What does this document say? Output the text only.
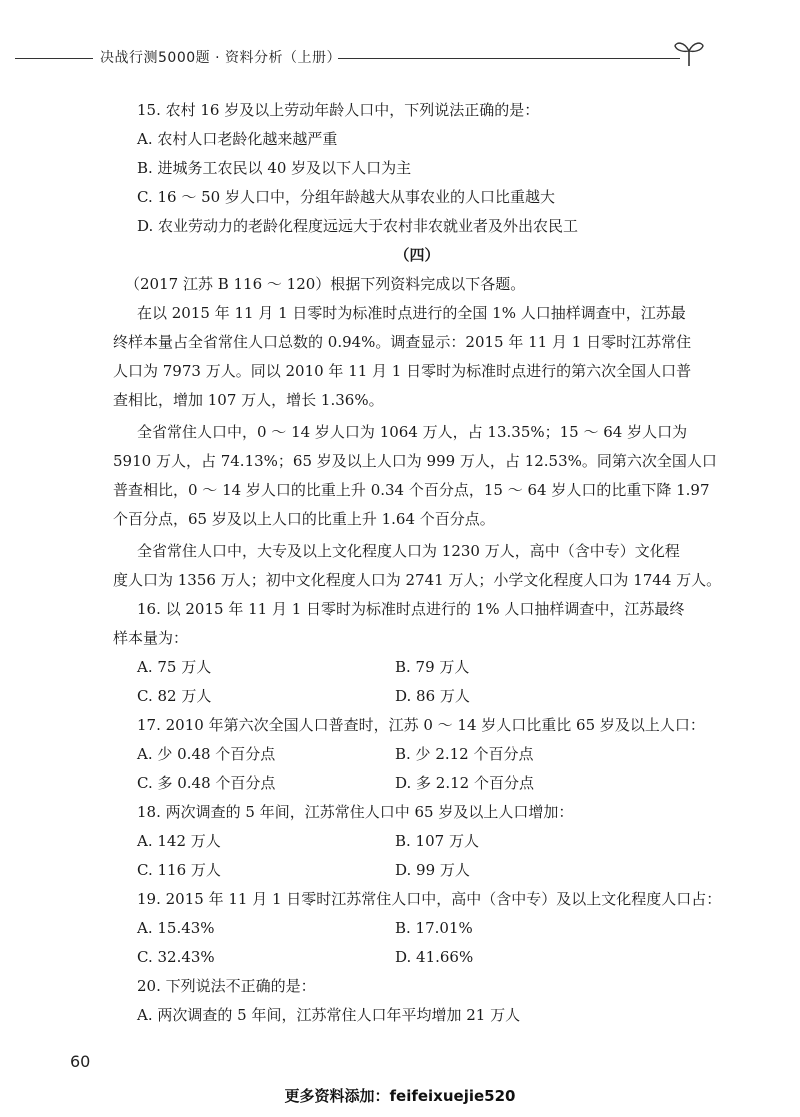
决战行测5000题 · 资料分析（上册）
15. 农村 16 岁及以上劳动年龄人口中，下列说法正确的是：
A. 农村人口老龄化越来越严重
B. 进城务工农民以 40 岁及以下人口为主
C. 16 ～ 50 岁人口中，分组年龄越大从事农业的人口比重越大
D. 农业劳动力的老龄化程度远远大于农村非农就业者及外出农民工
（四）
（2017 江苏 B 116 ～ 120）根据下列资料完成以下各题。
在以 2015 年 11 月 1 日零时为标准时点进行的全国 1% 人口抽样调查中，江苏最
终样本量占全省常住人口总数的 0.94%。调查显示：2015 年 11 月 1 日零时江苏常住
人口为 7973 万人。同以 2010 年 11 月 1 日零时为标准时点进行的第六次全国人口普
查相比，增加 107 万人，增长 1.36%。
全省常住人口中，0 ～ 14 岁人口为 1064 万人，占 13.35%；15 ～ 64 岁人口为
5910 万人，占 74.13%；65 岁及以上人口为 999 万人，占 12.53%。同第六次全国人口
普查相比，0 ～ 14 岁人口的比重上升 0.34 个百分点，15 ～ 64 岁人口的比重下降 1.97
个百分点，65 岁及以上人口的比重上升 1.64 个百分点。
全省常住人口中，大专及以上文化程度人口为 1230 万人，高中（含中专）文化程
度人口为 1356 万人；初中文化程度人口为 2741 万人；小学文化程度人口为 1744 万人。
16. 以 2015 年 11 月 1 日零时为标准时点进行的 1% 人口抽样调查中，江苏最终
样本量为：
A. 75 万人	B. 79 万人
C. 82 万人	D. 86 万人
17. 2010 年第六次全国人口普查时，江苏 0 ～ 14 岁人口比重比 65 岁及以上人口：
A. 少 0.48 个百分点	B. 少 2.12 个百分点
C. 多 0.48 个百分点	D. 多 2.12 个百分点
18. 两次调查的 5 年间，江苏常住人口中 65 岁及以上人口增加：
A. 142 万人	B. 107 万人
C. 116 万人	D. 99 万人
19. 2015 年 11 月 1 日零时江苏常住人口中，高中（含中专）及以上文化程度人口占：
A. 15.43%	B. 17.01%
C. 32.43%	D. 41.66%
20. 下列说法不正确的是：
A. 两次调查的 5 年间，江苏常住人口年平均增加 21 万人
60
更多资料添加：feifeixuejie520
